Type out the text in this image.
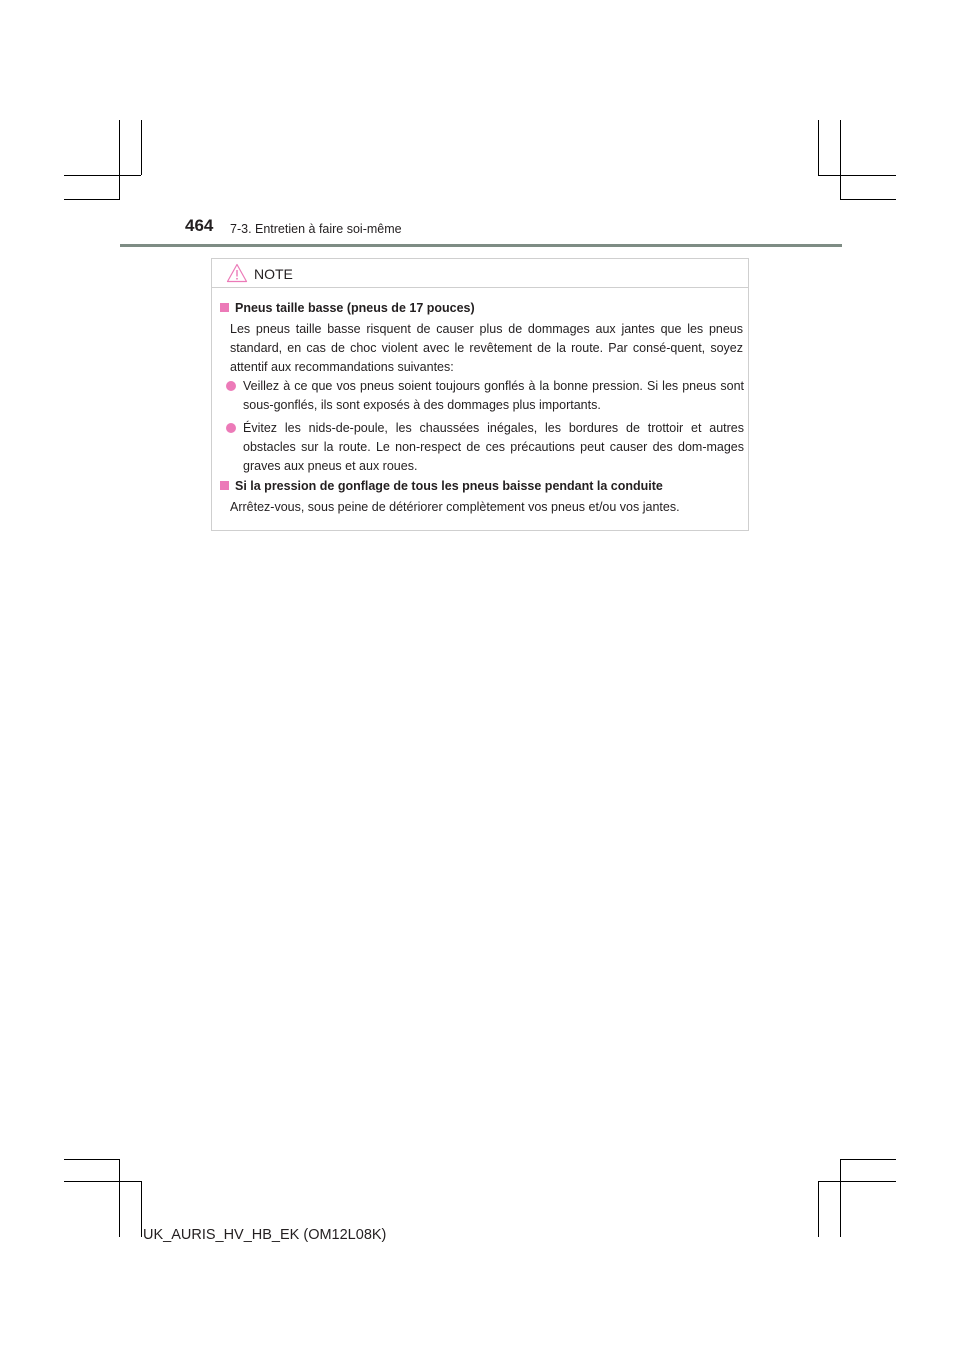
464 7-3. Entretien à faire soi-même
NOTE
Pneus taille basse (pneus de 17 pouces)

Les pneus taille basse risquent de causer plus de dommages aux jantes que les pneus standard, en cas de choc violent avec le revêtement de la route. Par consé-quent, soyez attentif aux recommandations suivantes:

Veillez à ce que vos pneus soient toujours gonflés à la bonne pression. Si les pneus sont sous-gonflés, ils sont exposés à des dommages plus importants.

Évitez les nids-de-poule, les chaussées inégales, les bordures de trottoir et autres obstacles sur la route. Le non-respect de ces précautions peut causer des dom-mages graves aux pneus et aux roues.

Si la pression de gonflage de tous les pneus baisse pendant la conduite

Arrêtez-vous, sous peine de détériorer complètement vos pneus et/ou vos jantes.

UK_AURIS_HV_HB_EK (OM12L08K)
